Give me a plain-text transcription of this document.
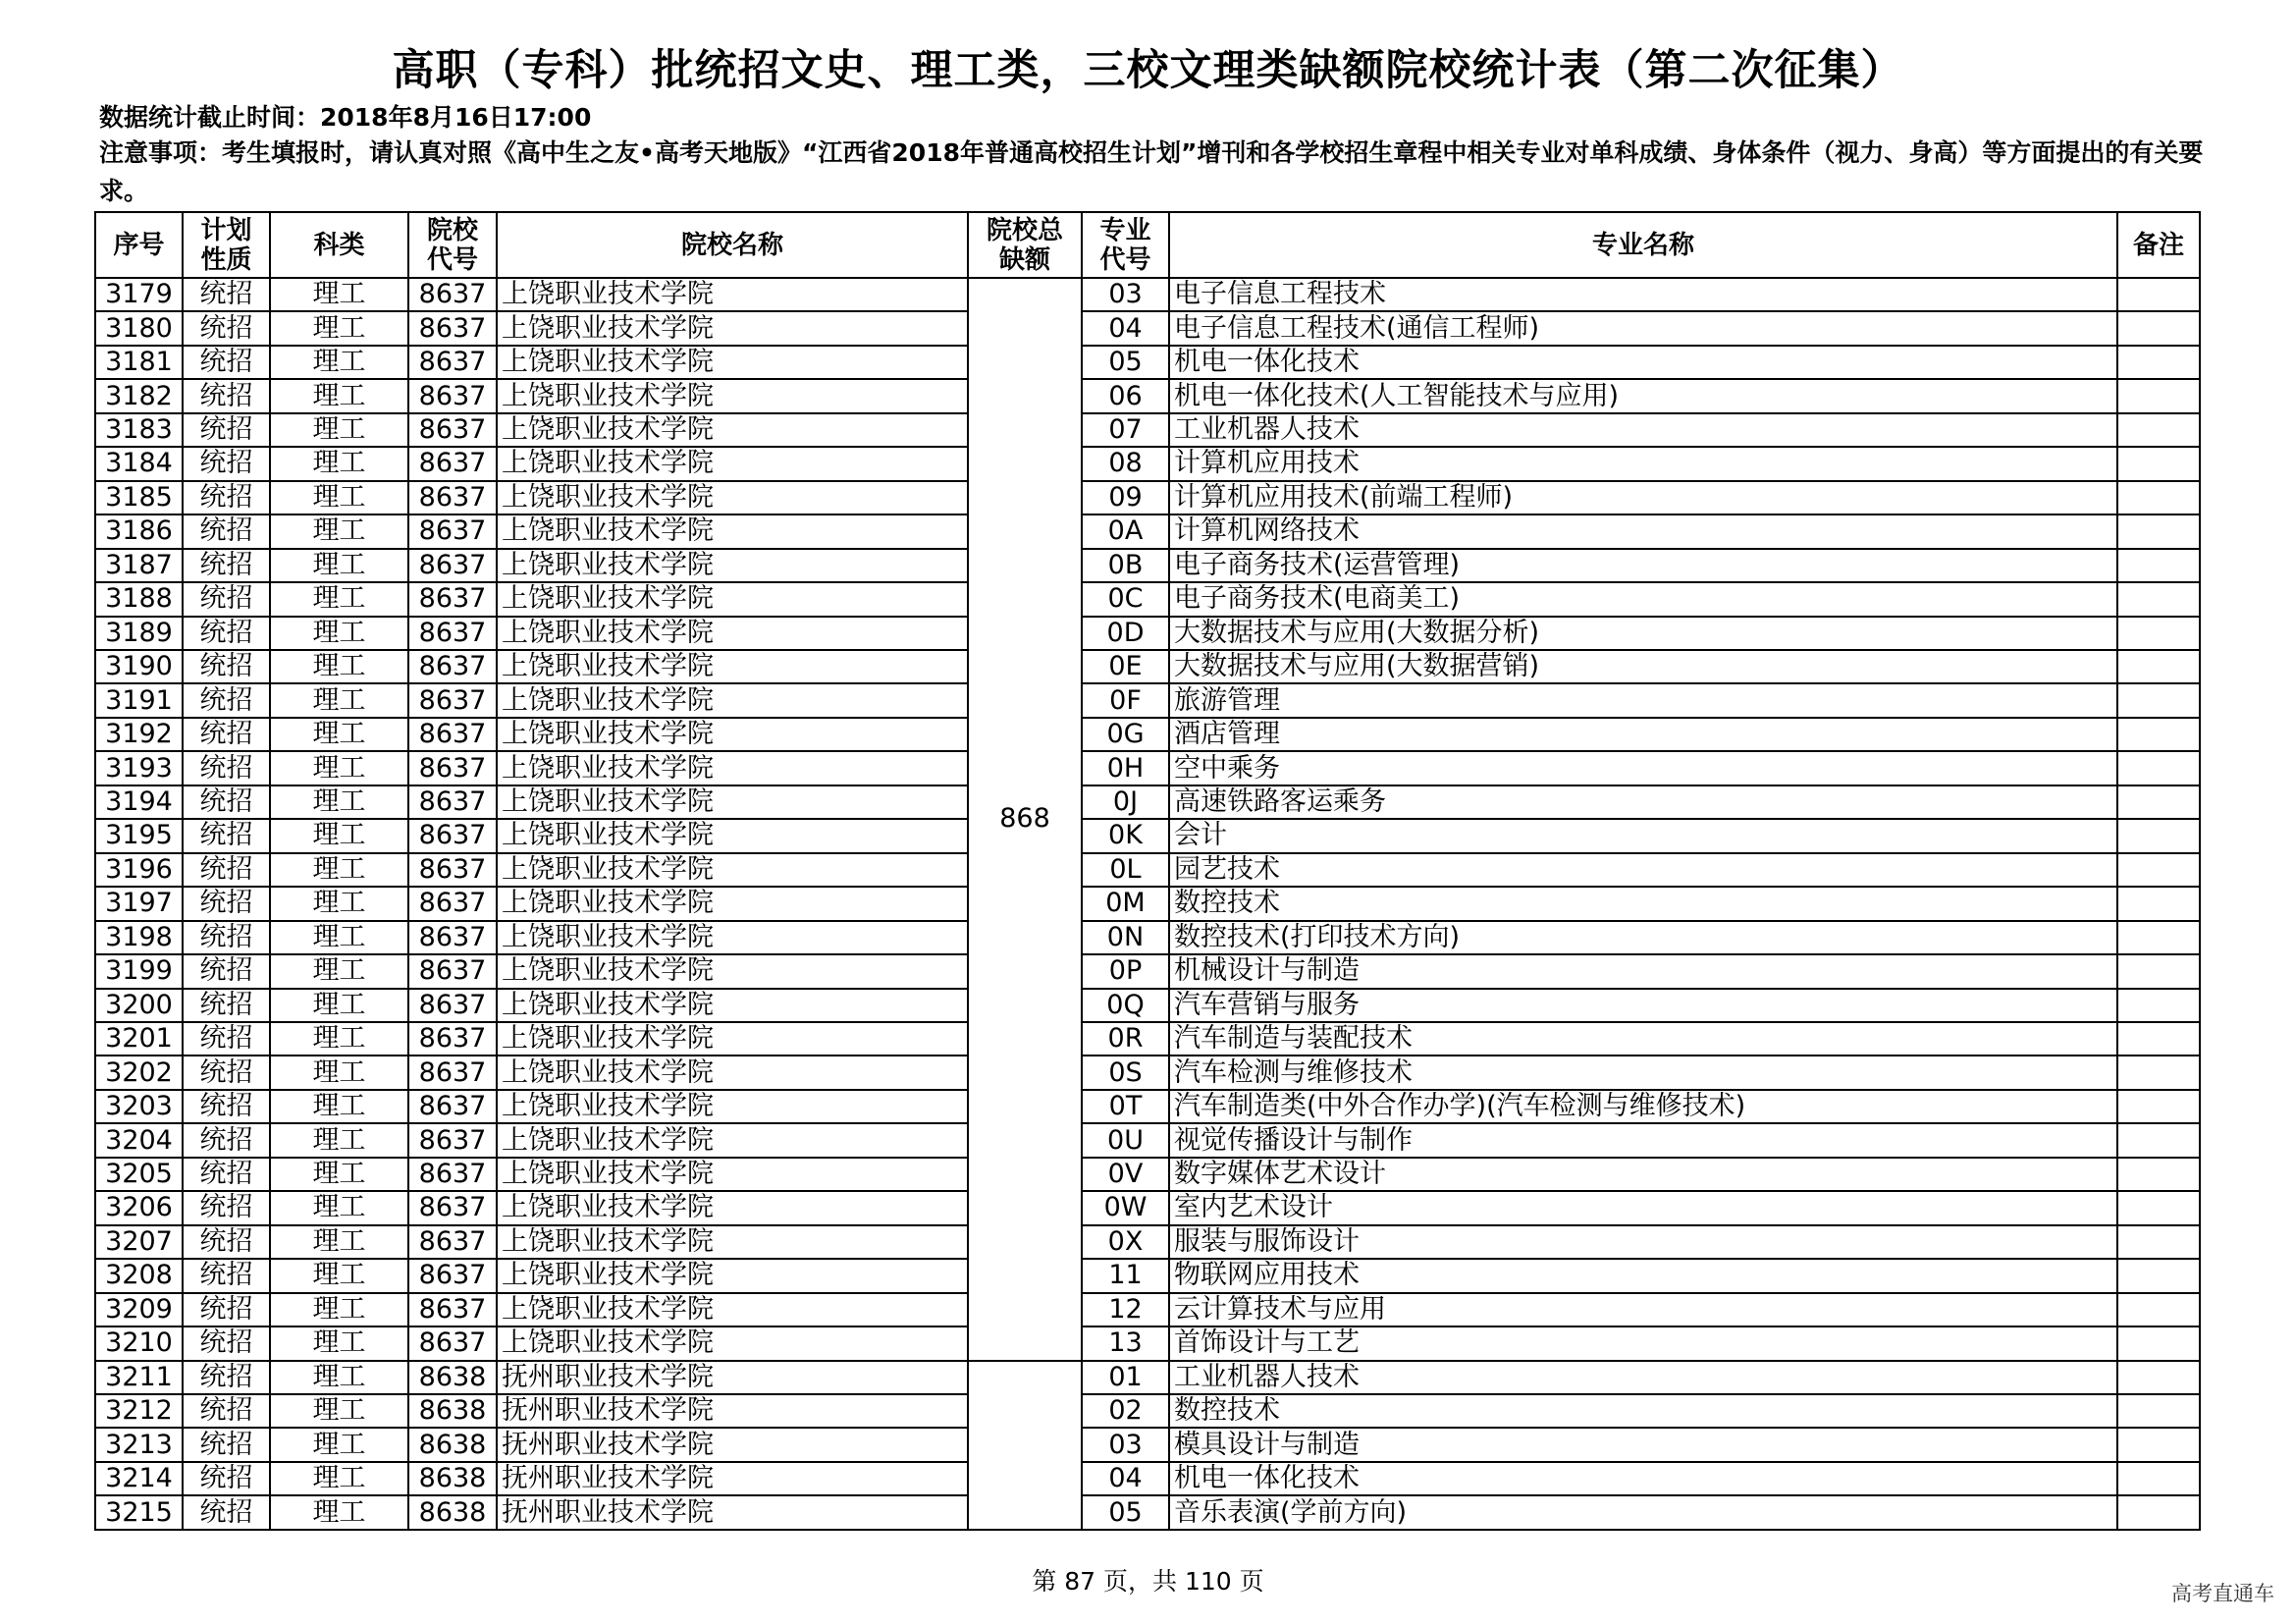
高职（专科）批统招文史、理工类，三校文理类缺额院校统计表（第二次征集）
数据统计截止时间：2018年8月16日17:00
注意事项：考生填报时，请认真对照《高中生之友•高考天地版》“江西省2018年普通高校招生计划”增刊和各学校招生章程中相关专业对单科成绩、身体条件（视力、身高）等方面提出的有关要求。
序号	计划性质	科类	院校代号	院校名称	院校总缺额	专业代号	专业名称	备注
3179	统招	理工	8637	上饶职业技术学院	868	03	电子信息工程技术	
3180	统招	理工	8637	上饶职业技术学院		04	电子信息工程技术(通信工程师)	
3181	统招	理工	8637	上饶职业技术学院		05	机电一体化技术	
3182	统招	理工	8637	上饶职业技术学院		06	机电一体化技术(人工智能技术与应用)	
3183	统招	理工	8637	上饶职业技术学院		07	工业机器人技术	
3184	统招	理工	8637	上饶职业技术学院		08	计算机应用技术	
3185	统招	理工	8637	上饶职业技术学院		09	计算机应用技术(前端工程师)	
3186	统招	理工	8637	上饶职业技术学院		0A	计算机网络技术	
3187	统招	理工	8637	上饶职业技术学院		0B	电子商务技术(运营管理)	
3188	统招	理工	8637	上饶职业技术学院		0C	电子商务技术(电商美工)	
3189	统招	理工	8637	上饶职业技术学院		0D	大数据技术与应用(大数据分析)	
3190	统招	理工	8637	上饶职业技术学院		0E	大数据技术与应用(大数据营销)	
3191	统招	理工	8637	上饶职业技术学院		0F	旅游管理	
3192	统招	理工	8637	上饶职业技术学院		0G	酒店管理	
3193	统招	理工	8637	上饶职业技术学院		0H	空中乘务	
3194	统招	理工	8637	上饶职业技术学院		0J	高速铁路客运乘务	
3195	统招	理工	8637	上饶职业技术学院		0K	会计	
3196	统招	理工	8637	上饶职业技术学院		0L	园艺技术	
3197	统招	理工	8637	上饶职业技术学院		0M	数控技术	
3198	统招	理工	8637	上饶职业技术学院		0N	数控技术(打印技术方向)	
3199	统招	理工	8637	上饶职业技术学院		0P	机械设计与制造	
3200	统招	理工	8637	上饶职业技术学院		0Q	汽车营销与服务	
3201	统招	理工	8637	上饶职业技术学院		0R	汽车制造与装配技术	
3202	统招	理工	8637	上饶职业技术学院		0S	汽车检测与维修技术	
3203	统招	理工	8637	上饶职业技术学院		0T	汽车制造类(中外合作办学)(汽车检测与维修技术)	
3204	统招	理工	8637	上饶职业技术学院		0U	视觉传播设计与制作	
3205	统招	理工	8637	上饶职业技术学院		0V	数字媒体艺术设计	
3206	统招	理工	8637	上饶职业技术学院		0W	室内艺术设计	
3207	统招	理工	8637	上饶职业技术学院		0X	服装与服饰设计	
3208	统招	理工	8637	上饶职业技术学院		11	物联网应用技术	
3209	统招	理工	8637	上饶职业技术学院		12	云计算技术与应用	
3210	统招	理工	8637	上饶职业技术学院		13	首饰设计与工艺	
3211	统招	理工	8638	抚州职业技术学院		01	工业机器人技术	
3212	统招	理工	8638	抚州职业技术学院		02	数控技术	
3213	统招	理工	8638	抚州职业技术学院		03	模具设计与制造	
3214	统招	理工	8638	抚州职业技术学院		04	机电一体化技术	
3215	统招	理工	8638	抚州职业技术学院		05	音乐表演(学前方向)	
第 87 页，共 110 页	高考直通车
